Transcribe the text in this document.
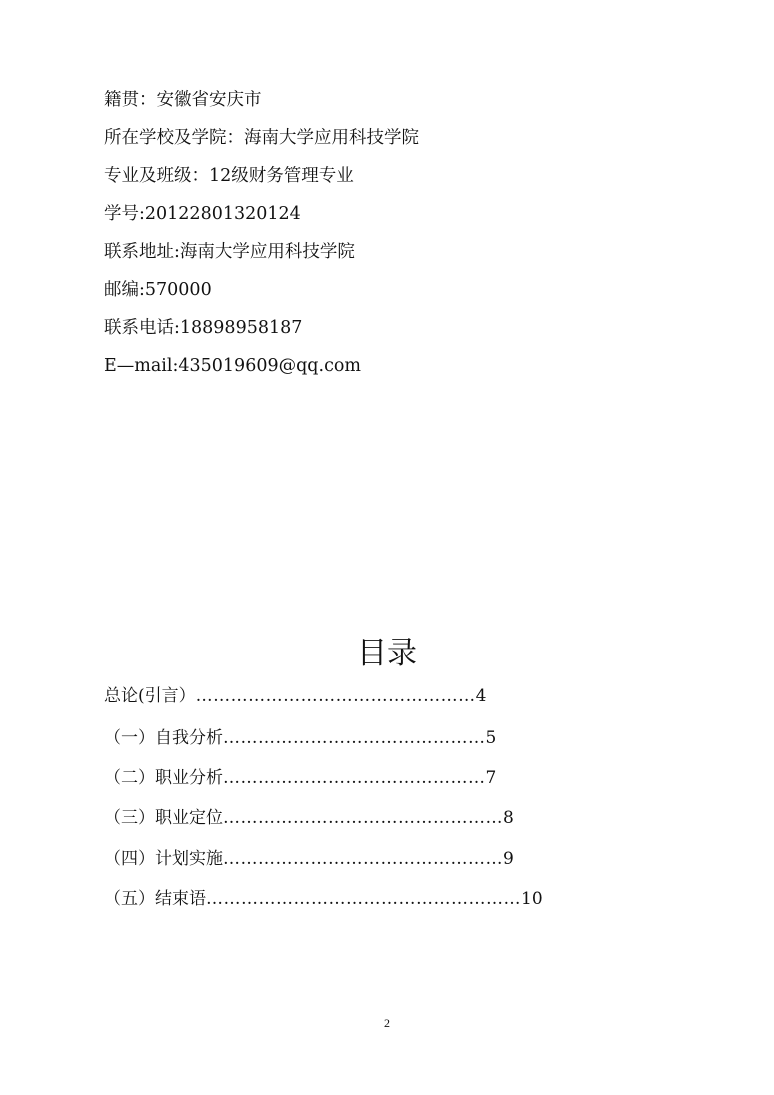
籍贯：安徽省安庆市
所在学校及学院：海南大学应用科技学院
专业及班级：12级财务管理专业
学号:20122801320124
联系地址:海南大学应用科技学院
邮编:570000
联系电话:18898958187
E—mail:435019609@qq.com
目录
总论(引言）…………………………………………4
（一）自我分析………………………………………5
（二）职业分析………………………………………7
（三）职业定位…………………………………………8
（四）计划实施…………………………………………9
（五）结束语………………………………………………10
2
